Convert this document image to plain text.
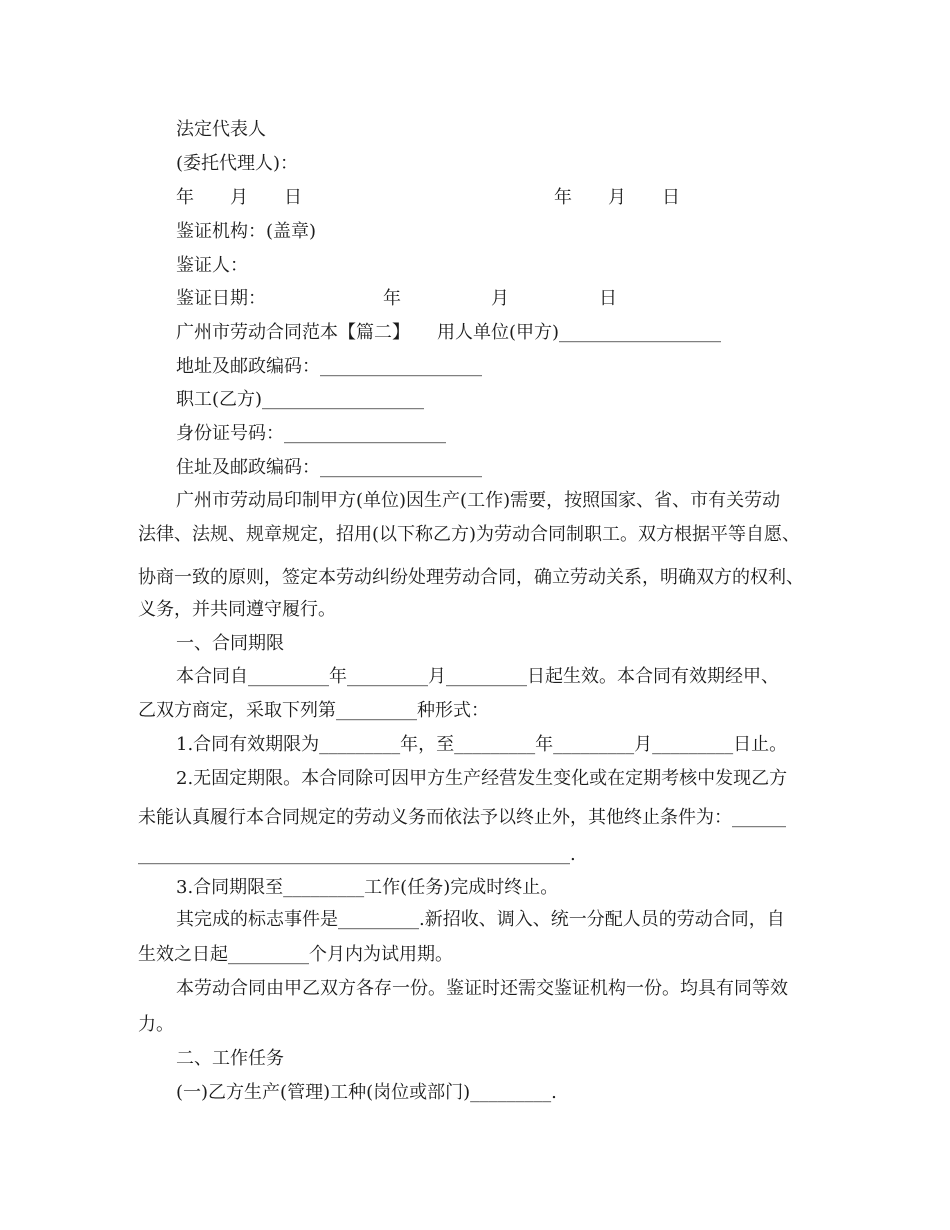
法定代表人
(委托代理人)：
年　　月　　日　　　　　　　　　　　　　　年　　月　　日
鉴证机构：(盖章)
鉴证人：
鉴证日期：　　　　　　　年　　　　　月　　　　　日
广州市劳动合同范本【篇二】　　用人单位(甲方)__________________
地址及邮政编码：__________________
职工(乙方)__________________
身份证号码：__________________
住址及邮政编码：__________________
广州市劳动局印制甲方(单位)因生产(工作)需要，按照国家、省、市有关劳动
法律、法规、规章规定，招用(以下称乙方)为劳动合同制职工。双方根据平等自愿、
协商一致的原则，签定本劳动纠纷处理劳动合同，确立劳动关系，明确双方的权利、
义务，并共同遵守履行。
一、合同期限
本合同自_________年_________月_________日起生效。本合同有效期经甲、
乙双方商定，采取下列第_________种形式：
1.合同有效期限为_________年，至_________年_________月_________日止。
2.无固定期限。本合同除可因甲方生产经营发生变化或在定期考核中发现乙方
未能认真履行本合同规定的劳动义务而依法予以终止外，其他终止条件为：______
________________________________________________.
3.合同期限至_________工作(任务)完成时终止。
其完成的标志事件是_________.新招收、调入、统一分配人员的劳动合同，自
生效之日起_________个月内为试用期。
本劳动合同由甲乙双方各存一份。鉴证时还需交鉴证机构一份。均具有同等效
力。
二、工作任务
(一)乙方生产(管理)工种(岗位或部门)_________.
